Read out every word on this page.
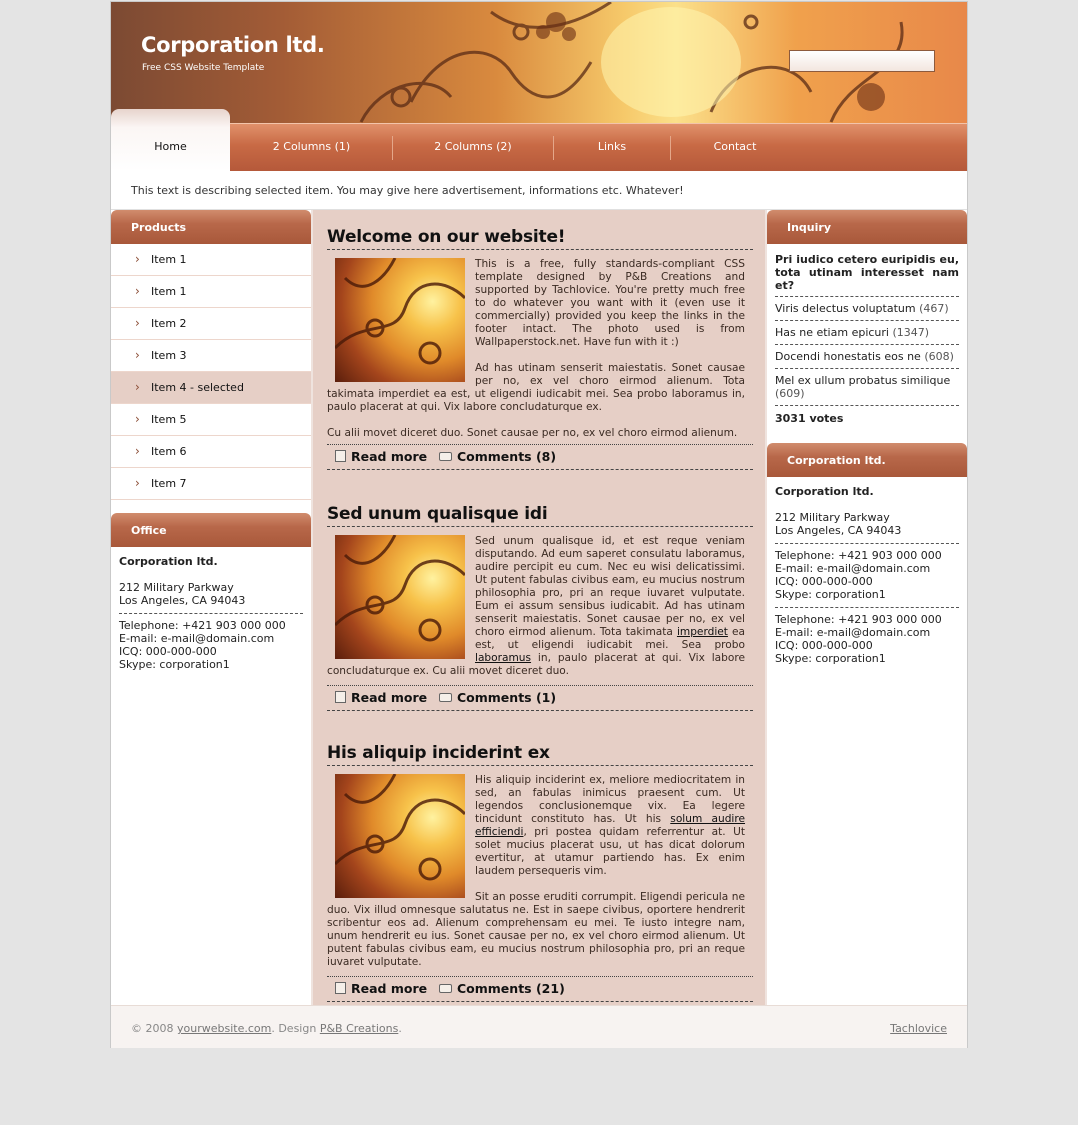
Corporation ltd.
Free CSS Website Template
Home	2 Columns (1)	2 Columns (2)	Links	Contact
This text is describing selected item. You may give here advertisement, informations etc. Whatever!
Products
› Item 1
› Item 1
› Item 2
› Item 3
› Item 4 - selected
› Item 5
› Item 6
› Item 7
Office
Corporation ltd.
212 Military Parkway
Los Angeles, CA 94043
Telephone: +421 903 000 000
E-mail: e-mail@domain.com
ICQ: 000-000-000
Skype: corporation1
Welcome on our website!

This is a free, fully standards-compliant CSS template designed by P&B Creations and supported by Tachlovice. You're pretty much free to do whatever you want with it (even use it commercially) provided you keep the links in the footer intact. The photo used is from Wallpaperstock.net. Have fun with it :)

Ad has utinam senserit maiestatis. Sonet causae per no, ex vel choro eirmod alienum. Tota takimata imperdiet ea est, ut eligendi iudicabit mei. Sea probo laboramus in, paulo placerat at qui. Vix labore concludaturque ex.

Cu alii movet diceret duo. Sonet causae per no, ex vel choro eirmod alienum.

Read more	Comments (8)
Sed unum qualisque idi

Sed unum qualisque id, et est reque veniam disputando. Ad eum saperet consulatu laboramus, audire percipit eu cum. Nec eu wisi delicatissimi. Ut putent fabulas civibus eam, eu mucius nostrum philosophia pro, pri an reque iuvaret vulputate. Eum ei assum sensibus iudicabit. Ad has utinam senserit maiestatis. Sonet causae per no, ex vel choro eirmod alienum. Tota takimata imperdiet ea est, ut eligendi iudicabit mei. Sea probo laboramus in, paulo placerat at qui. Vix labore concludaturque ex. Cu alii movet diceret duo.

Read more	Comments (1)
His aliquip inciderint ex

His aliquip inciderint ex, meliore mediocritatem in sed, an fabulas inimicus praesent cum. Ut legendos conclusionemque vix. Ea legere tincidunt constituto has. Ut his solum audire efficiendi, pri postea quidam referrentur at. Ut solet mucius placerat usu, ut has dicat dolorum evertitur, at utamur partiendo has. Ex enim laudem persequeris vim.

Sit an posse eruditi corrumpit. Eligendi pericula ne duo. Vix illud omnesque salutatus ne. Est in saepe civibus, oportere hendrerit scribentur eos ad. Alienum comprehensam eu mei. Te iusto integre nam, unum hendrerit eu ius. Sonet causae per no, ex vel choro eirmod alienum. Ut putent fabulas civibus eam, eu mucius nostrum philosophia pro, pri an reque iuvaret vulputate.

Read more	Comments (21)
Inquiry
Pri iudico cetero euripidis eu, tota utinam interesset nam et?
Viris delectus voluptatum (467)
Has ne etiam epicuri (1347)
Docendi honestatis eos ne (608)
Mel ex ullum probatus similique (609)
3031 votes
Corporation ltd.
Corporation ltd.
212 Military Parkway
Los Angeles, CA 94043
Telephone: +421 903 000 000
E-mail: e-mail@domain.com
ICQ: 000-000-000
Skype: corporation1
Telephone: +421 903 000 000
E-mail: e-mail@domain.com
ICQ: 000-000-000
Skype: corporation1
© 2008 yourwebsite.com. Design P&B Creations.	Tachlovice
